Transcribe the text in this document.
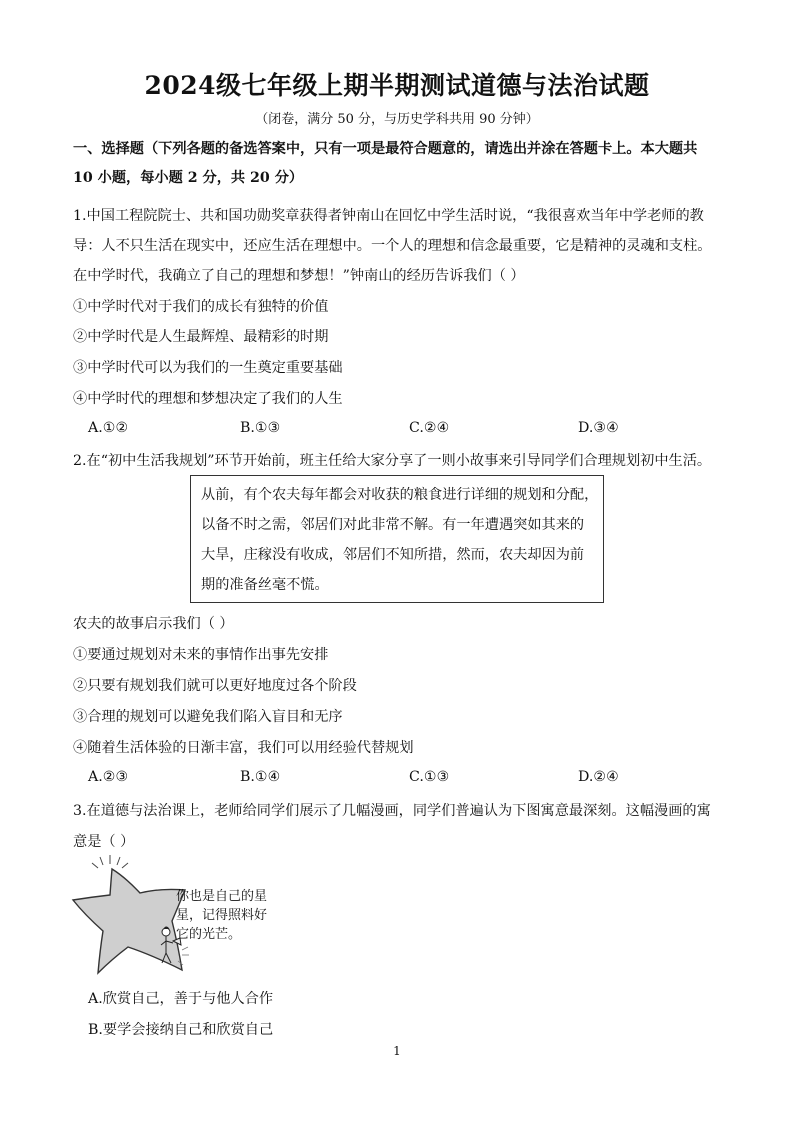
2024级七年级上期半期测试道德与法治试题
（闭卷，满分 50 分，与历史学科共用 90 分钟）
一、选择题（下列各题的备选答案中，只有一项是最符合题意的，请选出并涂在答题卡上。本大题共
10 小题，每小题 2 分，共 20 分）
1.中国工程院院士、共和国功勋奖章获得者钟南山在回忆中学生活时说，“我很喜欢当年中学老师的教
导：人不只生活在现实中，还应生活在理想中。一个人的理想和信念最重要，它是精神的灵魂和支柱。
在中学时代，我确立了自己的理想和梦想！”钟南山的经历告诉我们（ ）
①中学时代对于我们的成长有独特的价值
②中学时代是人生最辉煌、最精彩的时期
③中学时代可以为我们的一生奠定重要基础
④中学时代的理想和梦想决定了我们的人生
A.①②	B.①③	C.②④	D.③④
2.在“初中生活我规划”环节开始前，班主任给大家分享了一则小故事来引导同学们合理规划初中生活。
从前，有个农夫每年都会对收获的粮食进行详细的规划和分配，
以备不时之需，邻居们对此非常不解。有一年遭遇突如其来的
大旱，庄稼没有收成，邻居们不知所措，然而，农夫却因为前
期的准备丝毫不慌。
农夫的故事启示我们（ ）
①要通过规划对未来的事情作出事先安排
②只要有规划我们就可以更好地度过各个阶段
③合理的规划可以避免我们陷入盲目和无序
④随着生活体验的日渐丰富，我们可以用经验代替规划
A.②③	B.①④	C.①③	D.②④
3.在道德与法治课上，老师给同学们展示了几幅漫画，同学们普遍认为下图寓意最深刻。这幅漫画的寓
意是（ ）
你也是自己的星
星，记得照料好
它的光芒。
A.欣赏自己，善于与他人合作
B.要学会接纳自己和欣赏自己
1
